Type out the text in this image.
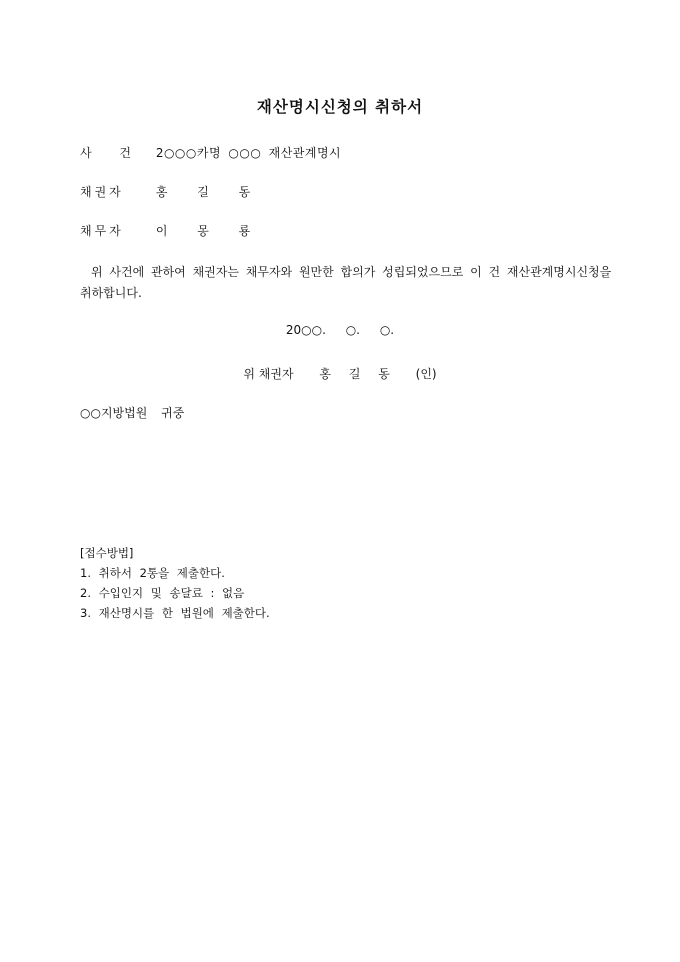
재산명시신청의 취하서
사 건 2○○○카명 ○○○ 재산관계명시
채권자	홍 길 동
채무자	이 몽 룡
위 사건에 관하여 채권자는 채무자와 원만한 합의가 성립되었으므로 이 건 재산관계명시신청을 취하합니다.
20○○. ○. ○.
위 채권자 홍 길 동 (인)
○○지방법원 귀중
[접수방법]
1. 취하서 2통을 제출한다.
2. 수입인지 및 송달료 : 없음
3. 재산명시를 한 법원에 제출한다.
